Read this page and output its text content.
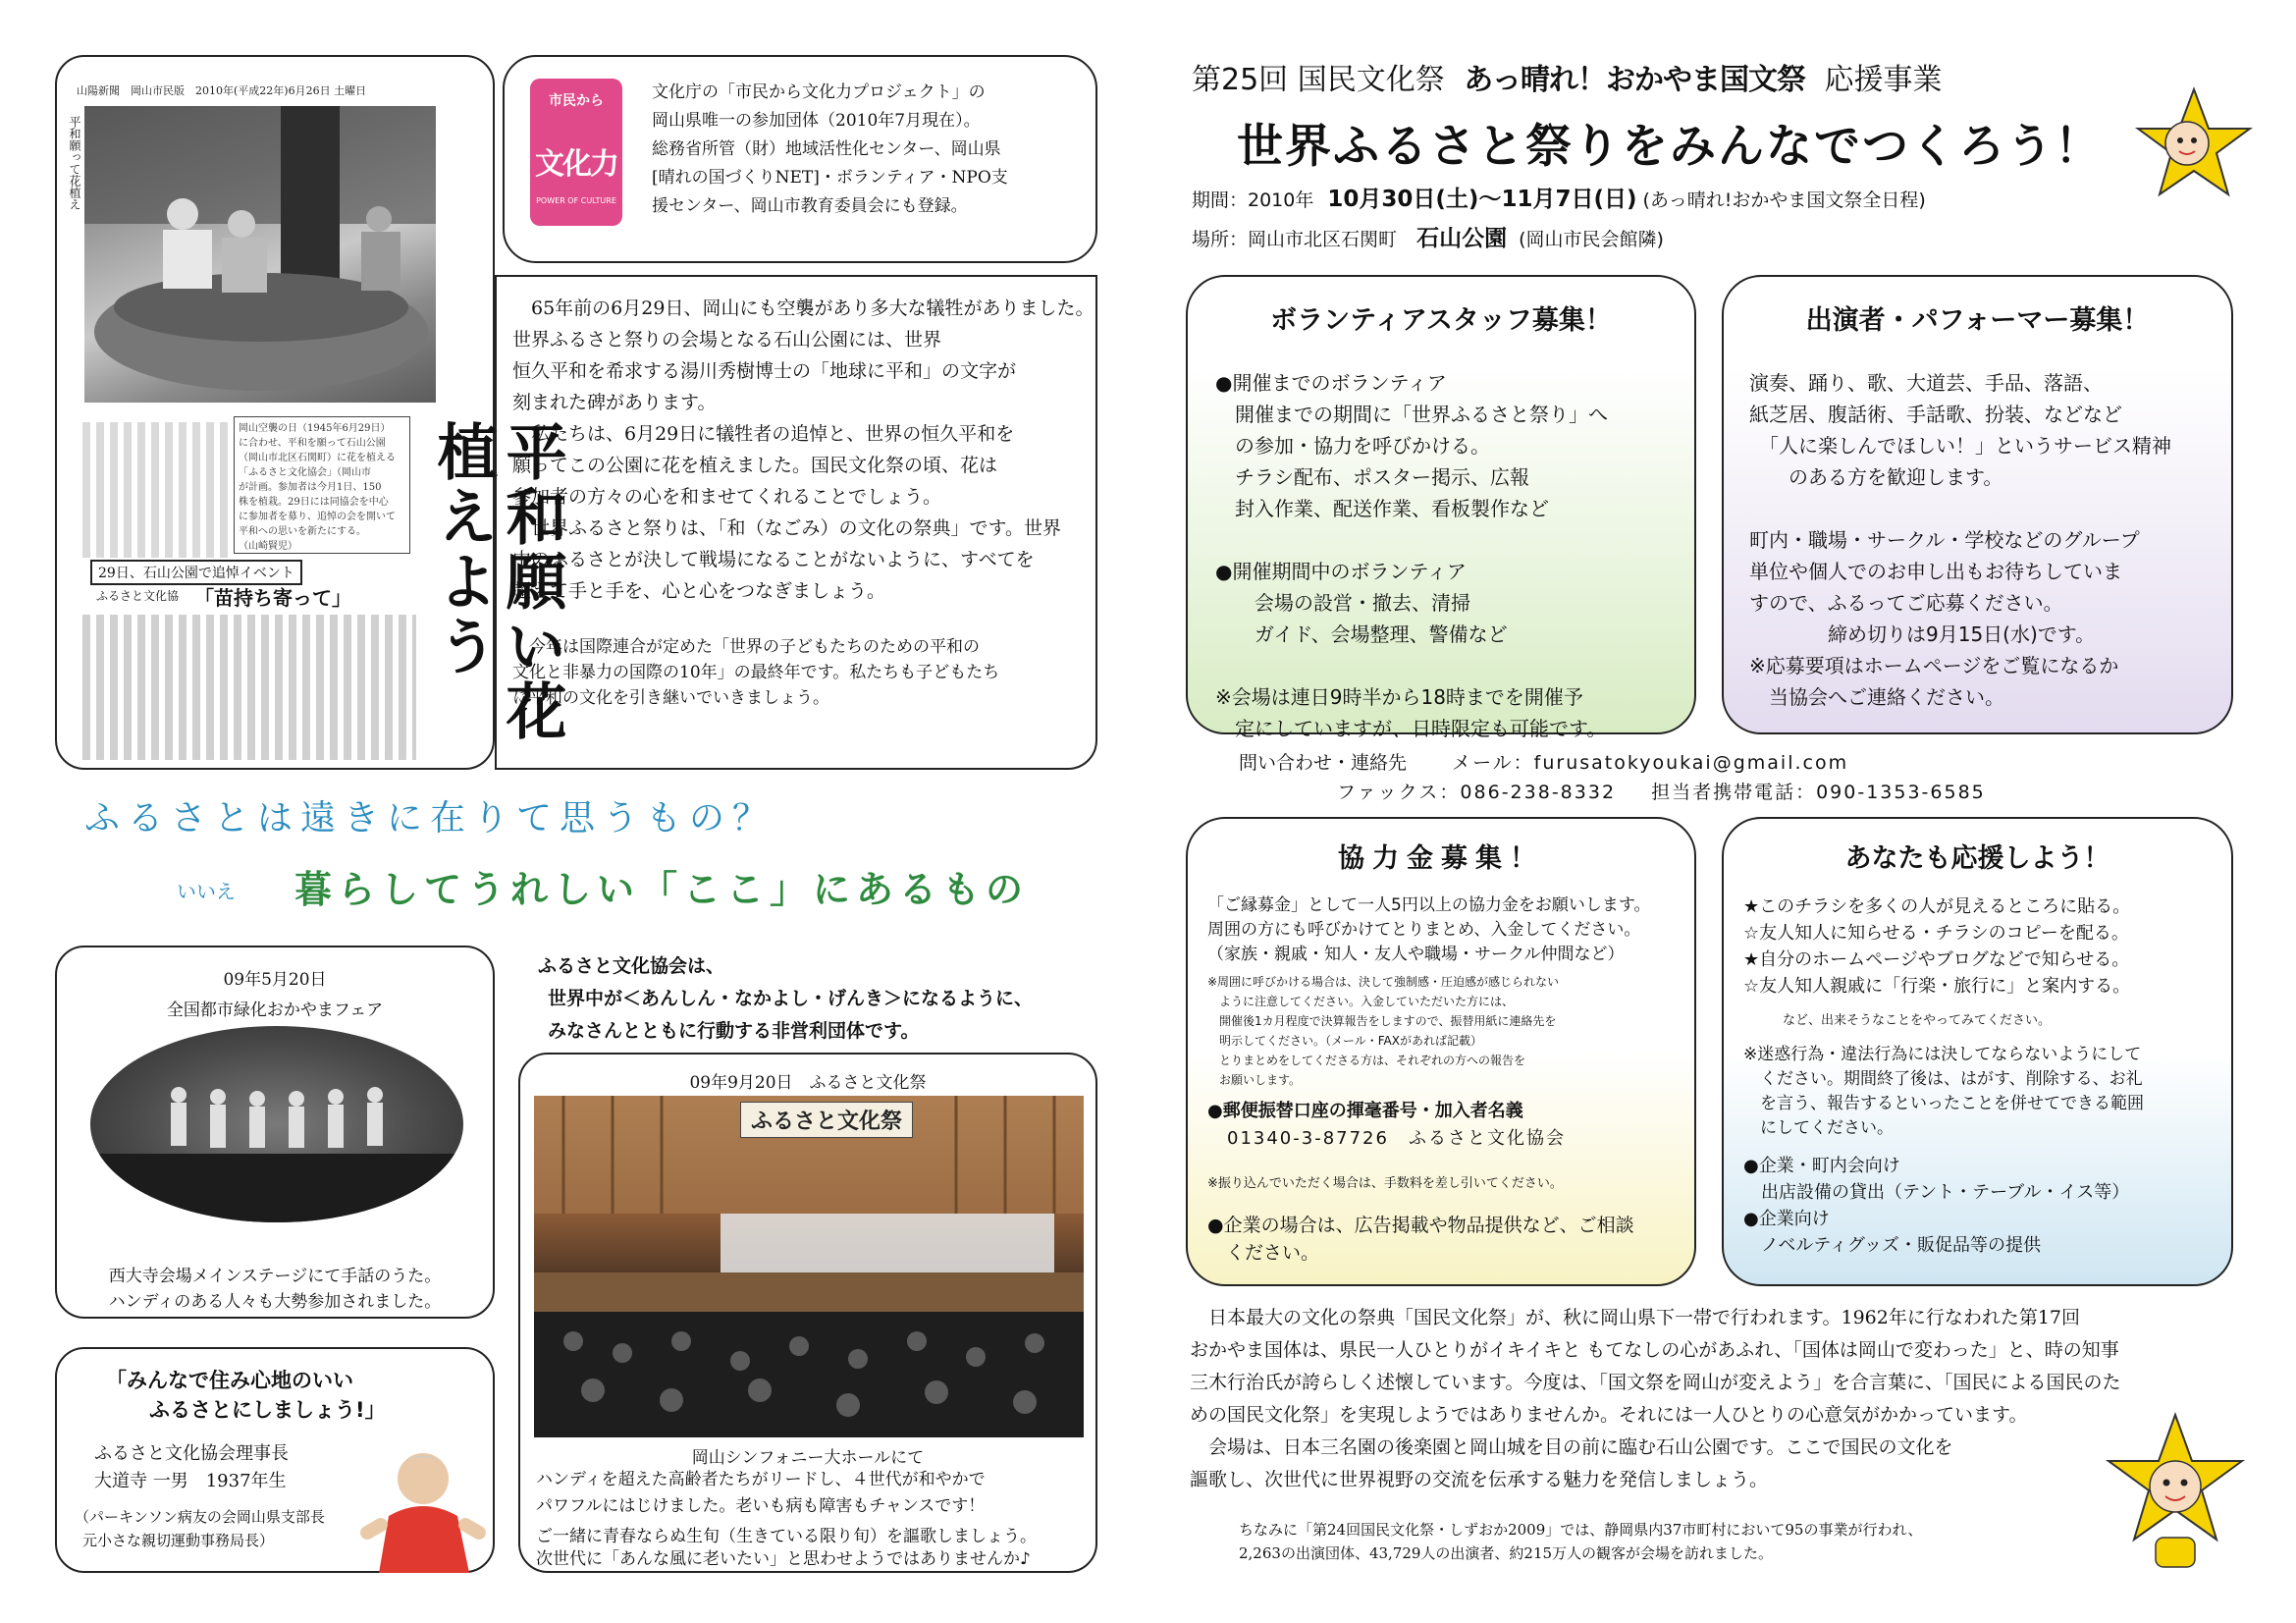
山陽新聞　岡山市民版　2010年(平成22年)6月26日 土曜日
平和願って花植え
平和願い花植えよう
岡山空襲の日（1945年6月29日）
に合わせ、平和を願って石山公園
（岡山市北区石関町）に花を植える
「ふるさと文化協会」（岡山市
が計画。参加者は今月1日、150
株を植栽。29日には同協会を中心
に参加者を募り、追悼の会を開いて
平和への思いを新たにする。
（山崎賢児）
29日、石山公園で追悼イベント
ふるさと文化協 「苗持ち寄って」
市民から
文化力
POWER OF CULTURE
文化庁の「市民から文化力プロジェクト」の
岡山県唯一の参加団体（2010年7月現在）。
総務省所管（財）地域活性化センター、岡山県
[晴れの国づくりNET]・ボランティア・NPO支
援センター、岡山市教育委員会にも登録。
　65年前の6月29日、岡山にも空襲があり多大な犠牲がありました。世界ふるさと祭りの会場となる石山公園には、世界
恒久平和を希求する湯川秀樹博士の「地球に平和」の文字が
刻まれた碑があります。
　私たちは、6月29日に犠牲者の追悼と、世界の恒久平和を
願ってこの公園に花を植えました。国民文化祭の頃、花は
参加者の方々の心を和ませてくれることでしょう。
　世界ふるさと祭りは、「和（なごみ）の文化の祭典」です。世界
中のふるさとが決して戦場になることがないように、すべてを
超えて手と手を、心と心をつなぎましょう。
　今年は国際連合が定めた「世界の子どもたちのための平和の
文化と非暴力の国際の10年」の最終年です。私たちも子どもたち
に平和の文化を引き継いでいきましょう。
ふるさとは遠きに在りて思うもの？
いいえ 暮らしてうれしい「ここ」にあるもの
09年5月20日
全国都市緑化おかやまフェア
西大寺会場メインステージにて手話のうた。
ハンディのある人々も大勢参加されました。
ふるさと文化協会は、
世界中が＜あんしん・なかよし・げんき＞になるように、
みなさんとともに行動する非営利団体です。
09年9月20日　ふるさと文化祭
ふるさと文化祭
岡山シンフォニー大ホールにて
ハンディを超えた高齢者たちがリードし、４世代が和やかで
パワフルにはじけました。老いも病も障害もチャンスです！
ご一緒に青春ならぬ生旬（生きている限り旬）を謳歌しましょう。
次世代に「あんな風に老いたい」と思わせようではありませんか♪
「みんなで住み心地のいい
ふるさとにしましょう!」
ふるさと文化協会理事長
大道寺 一男　1937年生
（パーキンソン病友の会岡山県支部長
元小さな親切運動事務局長）
第25回 国民文化祭 あっ晴れ！おかやま国文祭 応援事業
世界ふるさと祭りをみんなでつくろう！
期間：2010年 10月30日(土)〜11月7日(日) (あっ晴れ!おかやま国文祭全日程)
場所：岡山市北区石関町 石山公園 (岡山市民会館隣)
ボランティアスタッフ募集！
●開催までのボランティア
　開催までの期間に「世界ふるさと祭り」へ
　の参加・協力を呼びかける。
　チラシ配布、ポスター掲示、広報
　封入作業、配送作業、看板製作など

●開催期間中のボランティア
　　会場の設営・撤去、清掃
　　ガイド、会場整理、警備など

※会場は連日9時半から18時までを開催予
　定にしていますが、日時限定も可能です。
出演者・パフォーマー募集！
演奏、踊り、歌、大道芸、手品、落語、
紙芝居、腹話術、手話歌、扮装、などなど
　「人に楽しんでほしい！」というサービス精神
　　のある方を歓迎します。

町内・職場・サークル・学校などのグループ
単位や個人でのお申し出もお待ちしていま
すので、ふるってご応募ください。
　　　　締め切りは9月15日(水)です。
※応募要項はホームページをご覧になるか
　当協会へご連絡ください。
問い合わせ・連絡先 メール：furusatokyoukai@gmail.com
ファックス：086-238-8332 担当者携帯電話：090-1353-6585
協力金募集！
「ご縁募金」として一人5円以上の協力金をお願いします。
周囲の方にも呼びかけてとりまとめ、入金してください。
（家族・親戚・知人・友人や職場・サークル仲間など）
※周囲に呼びかける場合は、決して強制感・圧迫感が感じられない
　ように注意してください。入金していただいた方には、
　開催後1カ月程度で決算報告をしますので、振替用紙に連絡先を
　明示してください。（メール・FAXがあれば記載）
　とりまとめをしてくださる方は、それぞれの方への報告を
　お願いします。
●郵便振替口座の揮毫番号・加入者名義
　01340-3-87726　ふるさと文化協会
※振り込んでいただく場合は、手数料を差し引いてください。
●企業の場合は、広告掲載や物品提供など、ご相談
　ください。
あなたも応援しよう！
★このチラシを多くの人が見えるところに貼る。
☆友人知人に知らせる・チラシのコピーを配る。
★自分のホームページやブログなどで知らせる。
☆友人知人親戚に「行楽・旅行に」と案内する。
など、出来そうなことをやってみてください。
※迷惑行為・違法行為には決してならないようにして
　ください。期間終了後は、はがす、削除する、お礼
　を言う、報告するといったことを併せてできる範囲
　にしてください。
●企業・町内会向け
　出店設備の貸出（テント・テーブル・イス等）
●企業向け
　ノベルティグッズ・販促品等の提供
　日本最大の文化の祭典「国民文化祭」が、秋に岡山県下一帯で行われます。1962年に行なわれた第17回
おかやま国体は、県民一人ひとりがイキイキと もてなしの心があふれ、「国体は岡山で変わった」と、時の知事
三木行治氏が誇らしく述懐しています。今度は、「国文祭を岡山が変えよう」を合言葉に、「国民による国民のた
めの国民文化祭」を実現しようではありませんか。それには一人ひとりの心意気がかかっています。
　会場は、日本三名園の後楽園と岡山城を目の前に臨む石山公園です。ここで国民の文化を
謳歌し、次世代に世界視野の交流を伝承する魅力を発信しましょう。
ちなみに「第24回国民文化祭・しずおか2009」では、静岡県内37市町村において95の事業が行われ、
2,263の出演団体、43,729人の出演者、約215万人の観客が会場を訪れました。
